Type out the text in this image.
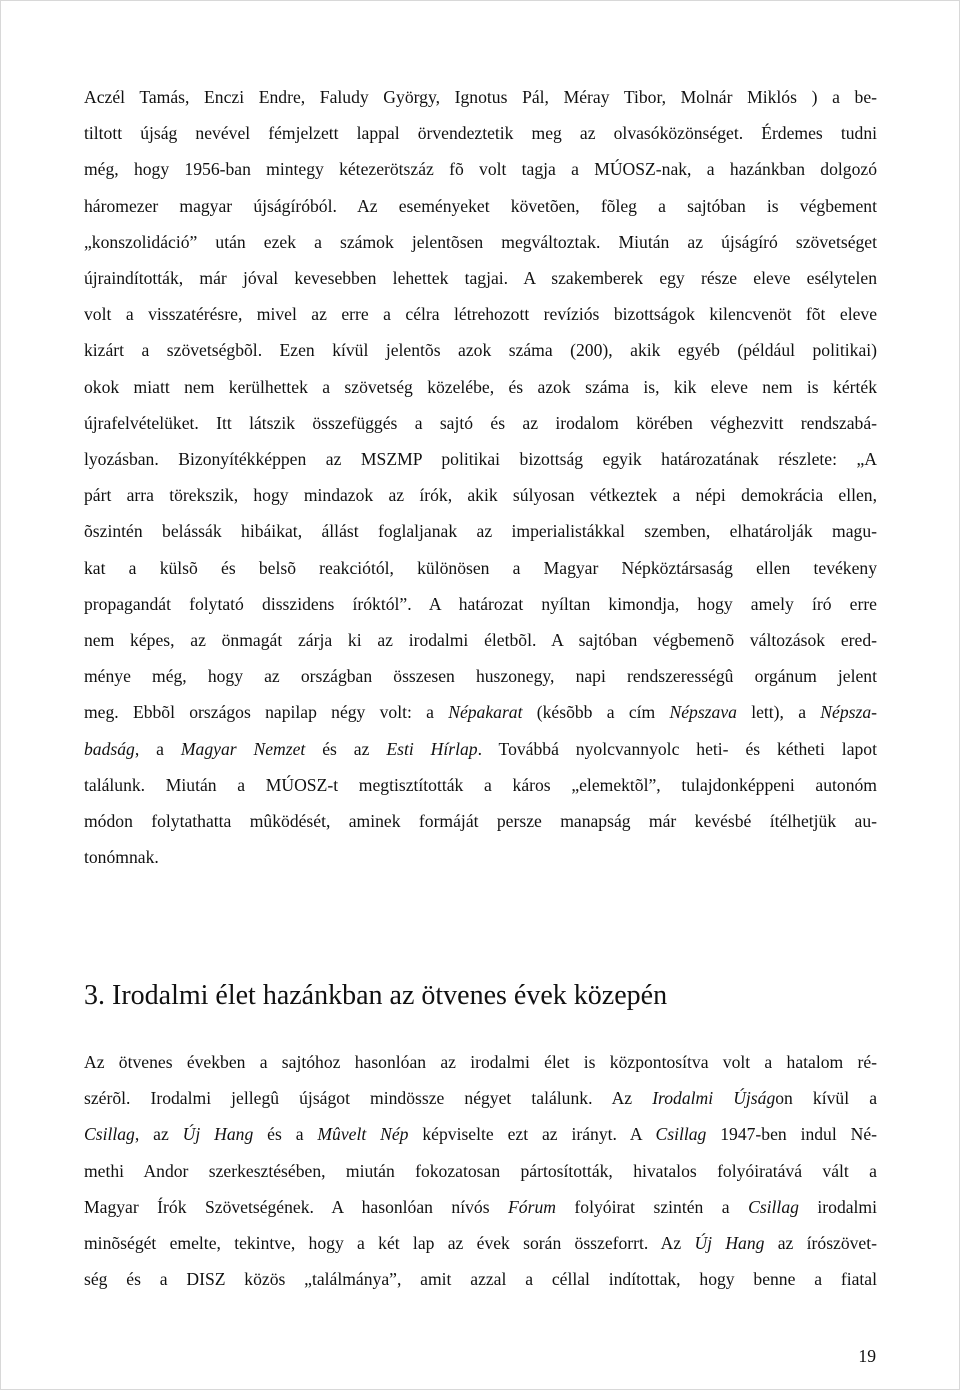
Aczél Tamás, Enczi Endre, Faludy György, Ignotus Pál, Méray Tibor, Molnár Miklós ) a be-
tiltott újság nevével fémjelzett lappal örvendeztetik meg az olvasóközönséget. Érdemes tudni
még, hogy 1956-ban mintegy kétezerötszáz fõ volt tagja a MÚOSZ-nak, a hazánkban dolgozó
háromezer magyar újságíróból. Az eseményeket követõen, fõleg a sajtóban is végbement
„konszolidáció” után ezek a számok jelentõsen megváltoztak. Miután az újságíró szövetséget
újraindították, már jóval kevesebben lehettek tagjai. A szakemberek egy része eleve esélytelen
volt a visszatérésre, mivel az erre a célra létrehozott revíziós bizottságok kilencvenöt fõt eleve
kizárt a szövetségbõl. Ezen kívül jelentõs azok száma (200), akik egyéb (például politikai)
okok miatt nem kerülhettek a szövetség közelébe, és azok száma is, kik eleve nem is kérték
újrafelvételüket. Itt látszik összefüggés a sajtó és az irodalom körében véghezvitt rendszabá-
lyozásban. Bizonyítékképpen az MSZMP politikai bizottság egyik határozatának részlete: „A
párt arra törekszik, hogy mindazok az írók, akik súlyosan vétkeztek a népi demokrácia ellen,
õszintén belássák hibáikat, állást foglaljanak az imperialistákkal szemben, elhatárolják magu-
kat a külsõ és belsõ reakciótól, különösen a Magyar Népköztársaság ellen tevékeny
propagandát folytató disszidens íróktól”. A határozat nyíltan kimondja, hogy amely író erre
nem képes, az önmagát zárja ki az irodalmi életbõl. A sajtóban végbemenõ változások ered-
ménye még, hogy az országban összesen huszonegy, napi rendszerességû orgánum jelent
meg. Ebbõl országos napilap négy volt: a Népakarat (késõbb a cím Népszava lett), a Népsza-
badság, a Magyar Nemzet és az Esti Hírlap. Továbbá nyolcvannyolc heti- és kétheti lapot
találunk. Miután a MÚOSZ-t megtisztították a káros „elemektõl”, tulajdonképpeni autonóm
módon folytathatta mûködését, aminek formáját persze manapság már kevésbé ítélhetjük au-
tonómnak.
3. Irodalmi élet hazánkban az ötvenes évek közepén
Az ötvenes években a sajtóhoz hasonlóan az irodalmi élet is központosítva volt a hatalom ré-
szérõl. Irodalmi jellegû újságot mindössze négyet találunk. Az Irodalmi Újságon kívül a
Csillag, az Új Hang és a Mûvelt Nép képviselte ezt az irányt. A Csillag 1947-ben indul Né-
methi Andor szerkesztésében, miután fokozatosan pártosították, hivatalos folyóiratává vált a
Magyar Írók Szövetségének. A hasonlóan nívós Fórum folyóirat szintén a Csillag irodalmi
minõségét emelte, tekintve, hogy a két lap az évek során összeforrt. Az Új Hang az írószövet-
ség és a DISZ közös „találmánya”, amit azzal a céllal indítottak, hogy benne a fiatal
19
